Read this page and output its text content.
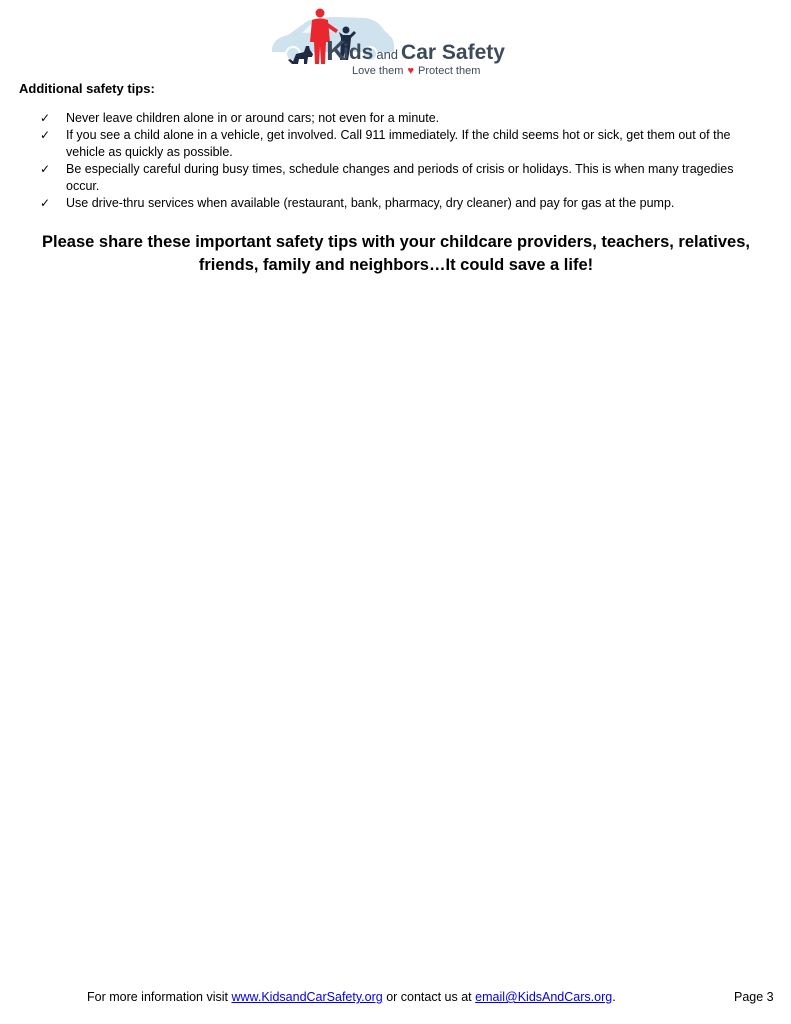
K
ids and Car Safety
Love them ♥ Protect them
Additional safety tips:
✓ Never leave children alone in or around cars; not even for a minute.
✓ If you see a child alone in a vehicle, get involved. Call 911 immediately. If the child seems hot or sick, get them out of the vehicle as quickly as possible.
✓ Be especially careful during busy times, schedule changes and periods of crisis or holidays. This is when many tragedies occur.
✓ Use drive-thru services when available (restaurant, bank, pharmacy, dry cleaner) and pay for gas at the pump.

Please share these important safety tips with your childcare providers, teachers, relatives, friends, family and neighbors…It could save a life!

For more information visit www.KidsandCarSafety.org or contact us at email@KidsAndCars.org.	Page 3
